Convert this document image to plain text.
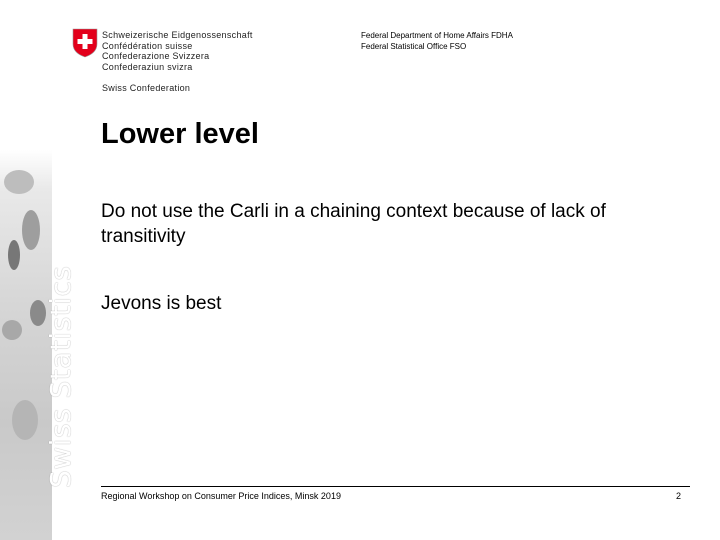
Swiss Statistics
Schweizerische Eidgenossenschaft
Confédération suisse
Confederazione Svizzera
Confederaziun svizra
Swiss Confederation
Federal Department of Home Affairs FDHA
Federal Statistical Office FSO
Lower level
Do not use the Carli in a chaining context because of lack of transitivity
Jevons is best
Regional Workshop on Consumer Price Indices, Minsk 2019	2
